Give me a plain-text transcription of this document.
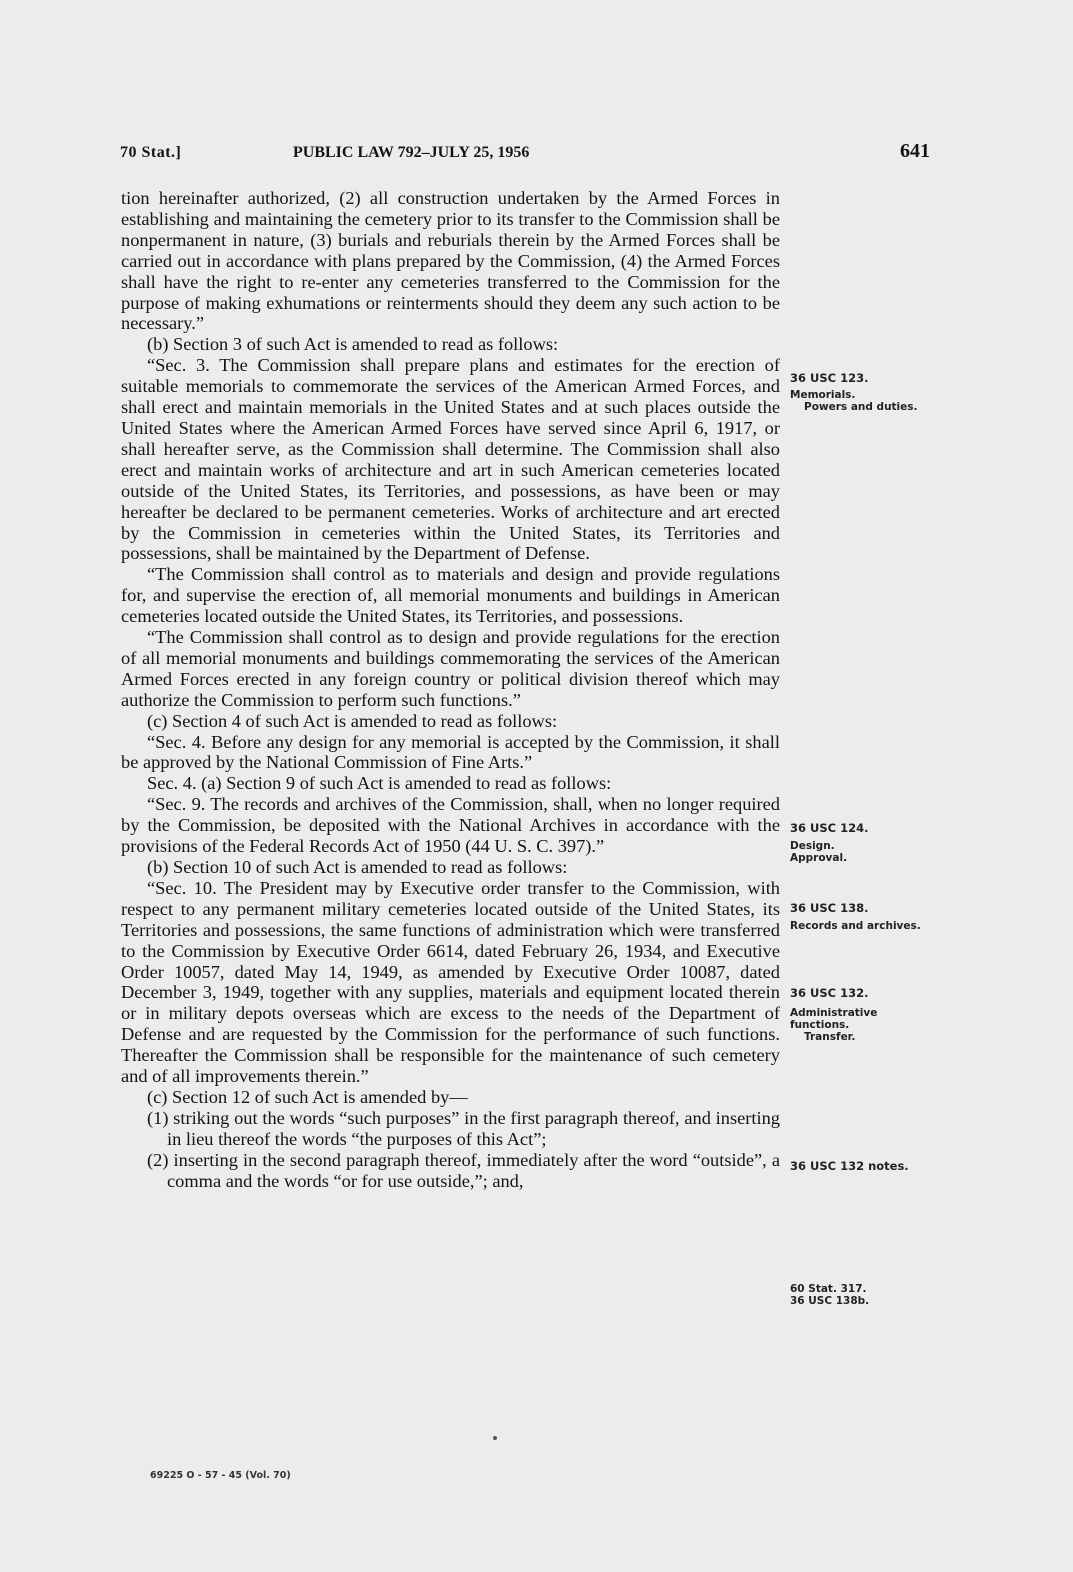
70 Stat.]	PUBLIC LAW 792–JULY 25, 1956	641

tion hereinafter authorized, (2) all construction undertaken by the Armed Forces in establishing and maintaining the cemetery prior to its transfer to the Commission shall be nonpermanent in nature, (3) burials and reburials therein by the Armed Forces shall be carried out in accordance with plans prepared by the Commission, (4) the Armed Forces shall have the right to re-enter any cemeteries transferred to the Commission for the purpose of making exhumations or reinterments should they deem any such action to be necessary.”

(b) Section 3 of such Act is amended to read as follows:

“Sec. 3. The Commission shall prepare plans and estimates for the erection of suitable memorials to commemorate the services of the American Armed Forces, and shall erect and maintain memorials in the United States and at such places outside the United States where the American Armed Forces have served since April 6, 1917, or shall hereafter serve, as the Commission shall determine. The Commission shall also erect and maintain works of architecture and art in such American cemeteries located outside of the United States, its Territories, and possessions, as have been or may hereafter be declared to be permanent cemeteries. Works of architecture and art erected by the Commission in cemeteries within the United States, its Territories and possessions, shall be maintained by the Department of Defense.

“The Commission shall control as to materials and design and provide regulations for, and supervise the erection of, all memorial monuments and buildings in American cemeteries located outside the United States, its Territories, and possessions.

“The Commission shall control as to design and provide regulations for the erection of all memorial monuments and buildings commemorating the services of the American Armed Forces erected in any foreign country or political division thereof which may authorize the Commission to perform such functions.”

(c) Section 4 of such Act is amended to read as follows:

“Sec. 4. Before any design for any memorial is accepted by the Commission, it shall be approved by the National Commission of Fine Arts.”

Sec. 4. (a) Section 9 of such Act is amended to read as follows:

“Sec. 9. The records and archives of the Commission, shall, when no longer required by the Commission, be deposited with the National Archives in accordance with the provisions of the Federal Records Act of 1950 (44 U. S. C. 397).”

(b) Section 10 of such Act is amended to read as follows:

“Sec. 10. The President may by Executive order transfer to the Commission, with respect to any permanent military cemeteries located outside of the United States, its Territories and possessions, the same functions of administration which were transferred to the Commission by Executive Order 6614, dated February 26, 1934, and Executive Order 10057, dated May 14, 1949, as amended by Executive Order 10087, dated December 3, 1949, together with any supplies, materials and equipment located therein or in military depots overseas which are excess to the needs of the Department of Defense and are requested by the Commission for the performance of such functions. Thereafter the Commission shall be responsible for the maintenance of such cemetery and of all improvements therein.”

(c) Section 12 of such Act is amended by—

(1) striking out the words “such purposes” in the first paragraph thereof, and inserting in lieu thereof the words “the purposes of this Act”;

(2) inserting in the second paragraph thereof, immediately after the word “outside”, a comma and the words “or for use outside,”; and,

36 USC 123.
Memorials.
Powers and duties.
36 USC 124.
Design.
Approval.
36 USC 138.
Records and archives.
36 USC 132.
Administrative functions.
Transfer.
36 USC 132 notes.
60 Stat. 317.
36 USC 138b.
69225 O - 57 - 45 (Vol. 70)
